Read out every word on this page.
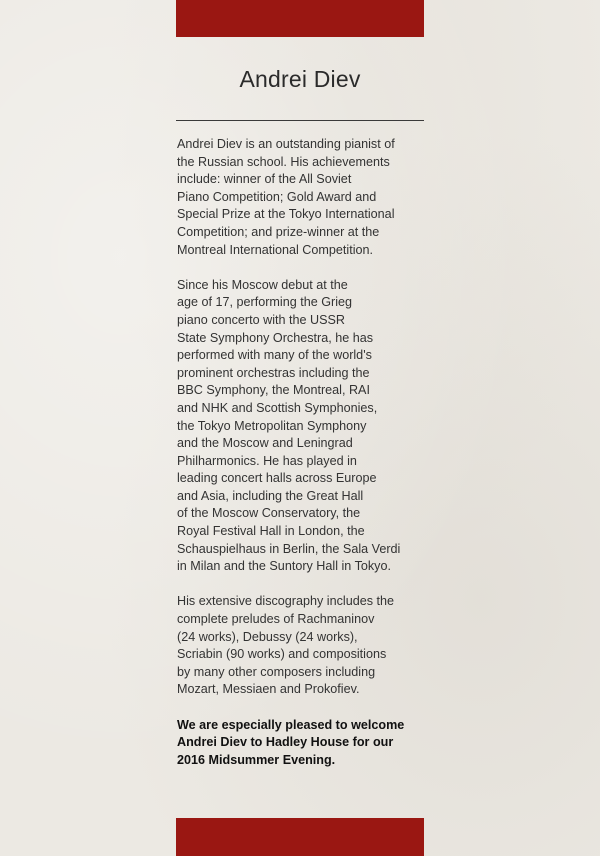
Andrei Diev

Andrei Diev is an outstanding pianist of
the Russian school. His achievements
include: winner of the All Soviet
Piano Competition; Gold Award and
Special Prize at the Tokyo International
Competition; and prize-winner at the
Montreal International Competition.

Since his Moscow debut at the
age of 17, performing the Grieg
piano concerto with the USSR
State Symphony Orchestra, he has
performed with many of the world's
prominent orchestras including the
BBC Symphony, the Montreal, RAI
and NHK and Scottish Symphonies,
the Tokyo Metropolitan Symphony
and the Moscow and Leningrad
Philharmonics. He has played in
leading concert halls across Europe
and Asia, including the Great Hall
of the Moscow Conservatory, the
Royal Festival Hall in London, the
Schauspielhaus in Berlin, the Sala Verdi
in Milan and the Suntory Hall in Tokyo.

His extensive discography includes the
complete preludes of Rachmaninov
(24 works), Debussy (24 works),
Scriabin (90 works) and compositions
by many other composers including
Mozart, Messiaen and Prokofiev.

We are especially pleased to welcome
Andrei Diev to Hadley House for our
2016 Midsummer Evening.
